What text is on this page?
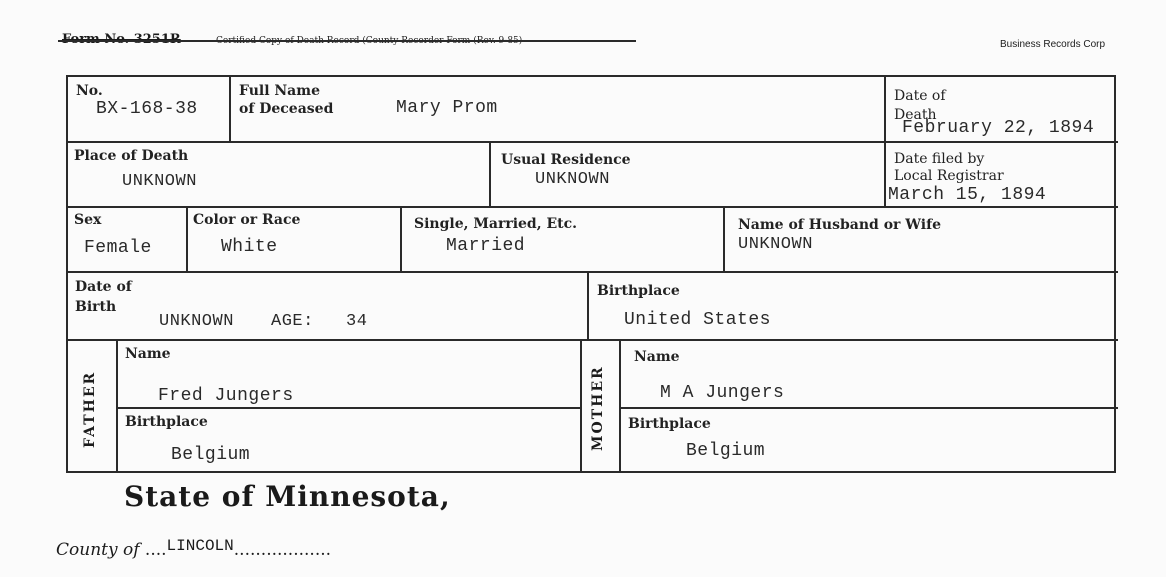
Business Records Corp
No.
BX-168-38
Full Name
of Deceased	Mary Prom
Date of
Death
February 22, 1894
Place of Death
UNKNOWN
Usual Residence
UNKNOWN
Date filed by
Local Registrar
March 15, 1894
Sex
Female
Color or Race
White
Single, Married, Etc.
Married
Name of Husband or Wife
UNKNOWN
Date of
Birth
UNKNOWN AGE: 34
Birthplace
United States
FATHER
Name
Fred Jungers
Birthplace
Belgium
MOTHER
Name
M A Jungers
Birthplace
Belgium
State of Minnesota,
County of ....LINCOLN..................
